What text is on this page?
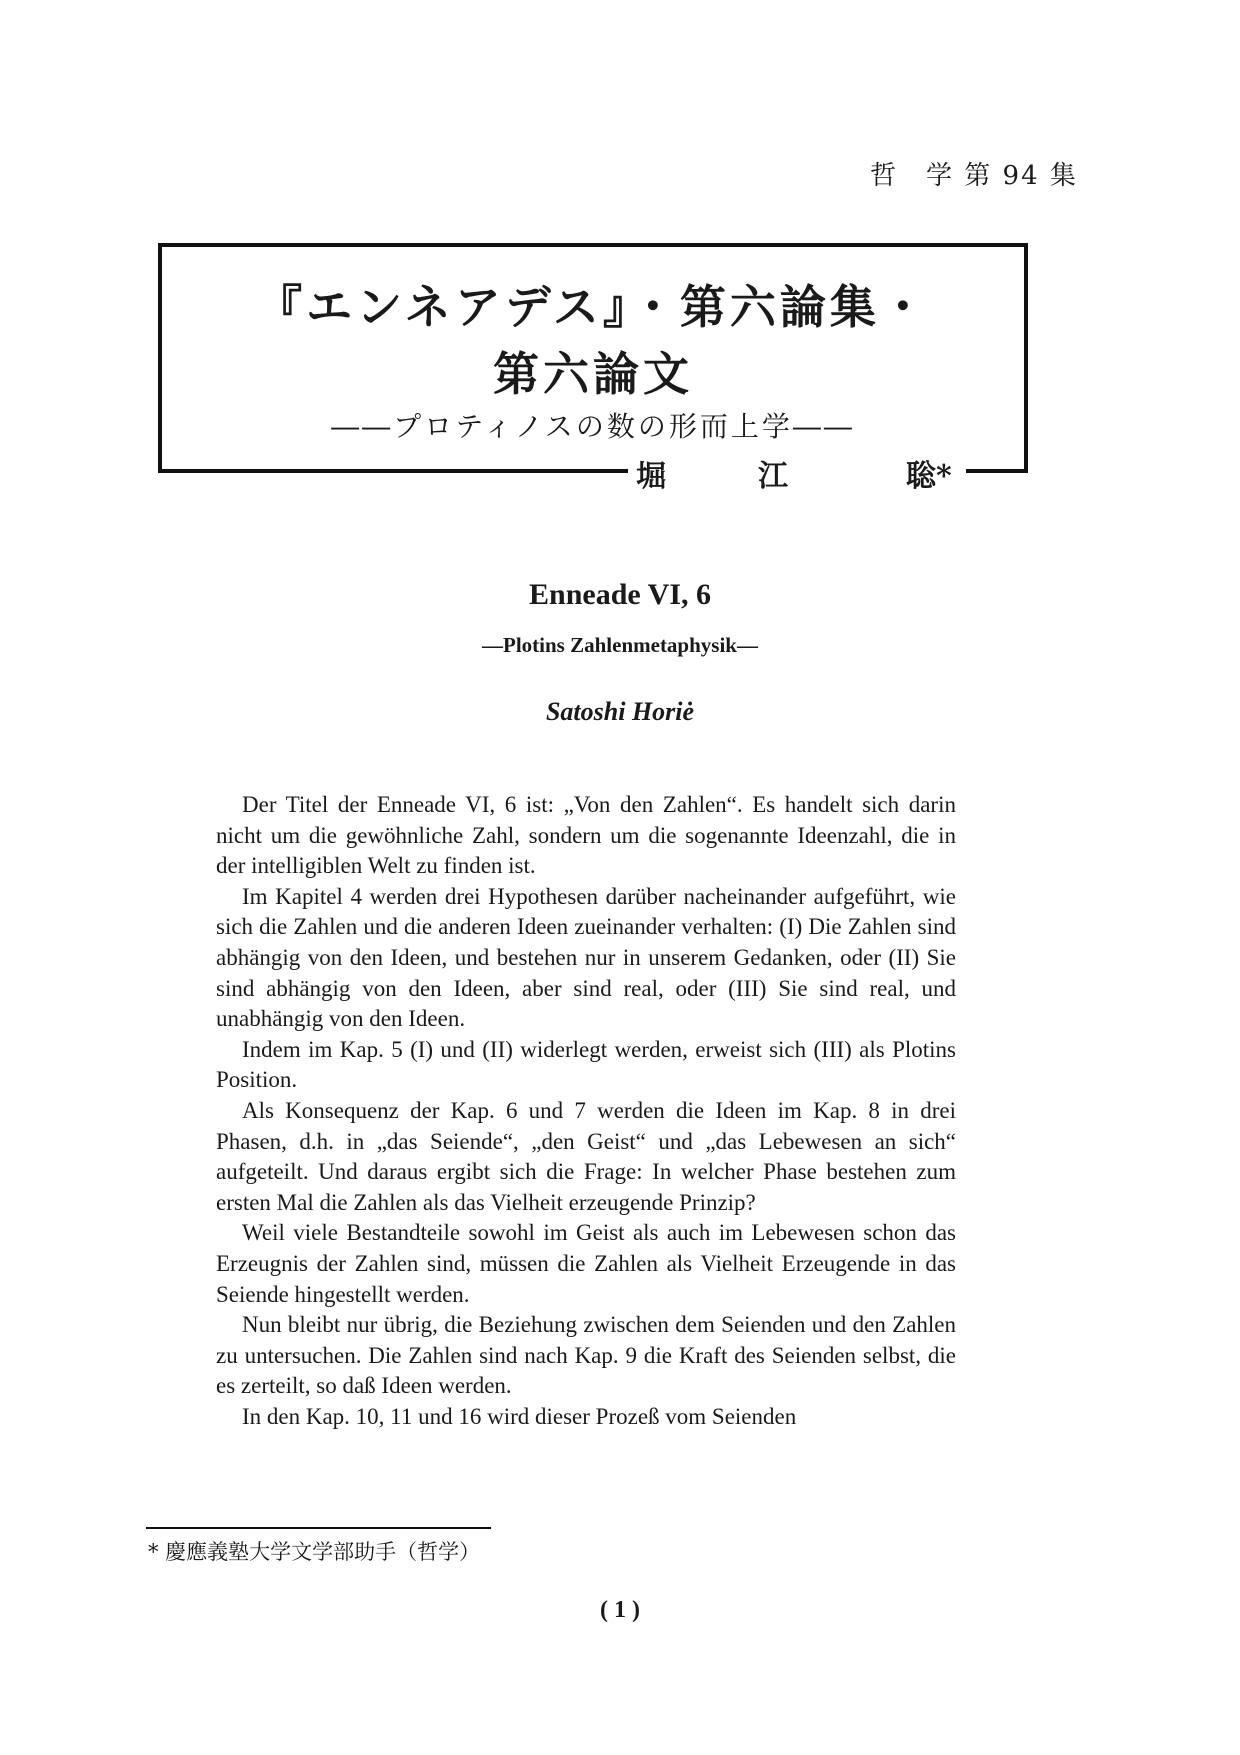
哲　学 第 94 集
『エンネアデス』・第六論集・
第六論文
――プロティノスの数の形而上学――
堀	江	聡*
Enneade VI, 6
—Plotins Zahlenmetaphysik—
Satoshi Horiė

Der Titel der Enneade VI, 6 ist: „Von den Zahlen“. Es handelt sich darin nicht um die gewöhnliche Zahl, sondern um die sogenannte Ideenzahl, die in der intelligiblen Welt zu finden ist.

Im Kapitel 4 werden drei Hypothesen darüber nacheinander aufgeführt, wie sich die Zahlen und die anderen Ideen zueinander verhalten: (I) Die Zahlen sind abhängig von den Ideen, und bestehen nur in unserem Gedanken, oder (II) Sie sind abhängig von den Ideen, aber sind real, oder (III) Sie sind real, und unabhängig von den Ideen.

Indem im Kap. 5 (I) und (II) widerlegt werden, erweist sich (III) als Plotins Position.

Als Konsequenz der Kap. 6 und 7 werden die Ideen im Kap. 8 in drei Phasen, d.h. in „das Seiende“, „den Geist“ und „das Lebewesen an sich“ aufgeteilt. Und daraus ergibt sich die Frage: In welcher Phase bestehen zum ersten Mal die Zahlen als das Vielheit erzeugende Prinzip?

Weil viele Bestandteile sowohl im Geist als auch im Lebewesen schon das Erzeugnis der Zahlen sind, müssen die Zahlen als Vielheit Erzeugende in das Seiende hingestellt werden.

Nun bleibt nur übrig, die Beziehung zwischen dem Seienden und den Zahlen zu untersuchen. Die Zahlen sind nach Kap. 9 die Kraft des Seienden selbst, die es zerteilt, so daß Ideen werden.

In den Kap. 10, 11 und 16 wird dieser Prozeß vom Seienden

* 慶應義塾大学文学部助手（哲学）
( 1 )
